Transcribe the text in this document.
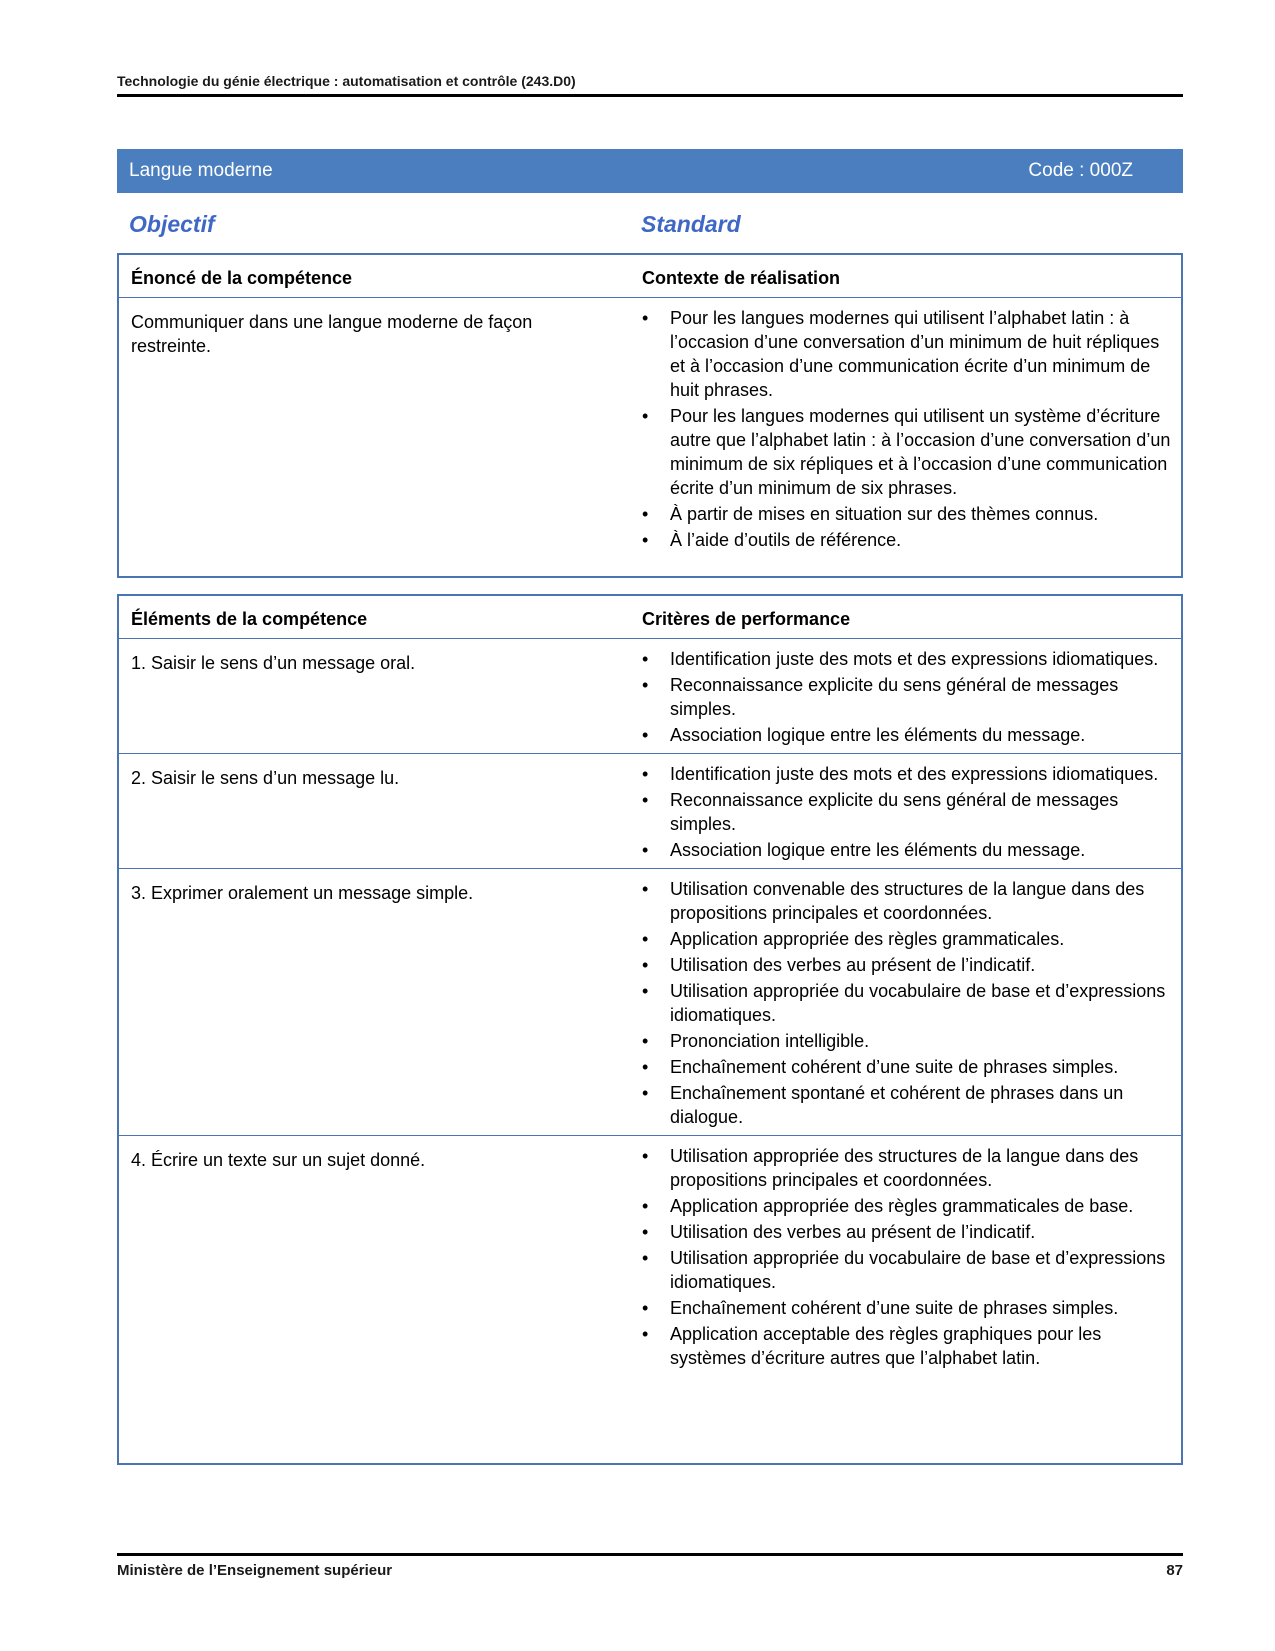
Technologie du génie électrique : automatisation et contrôle (243.D0)
Langue moderne	Code : 000Z
Objectif	Standard
Énoncé de la compétence	Contexte de réalisation
Communiquer dans une langue moderne de façon restreinte.
• Pour les langues modernes qui utilisent l’alphabet latin : à l’occasion d’une conversation d’un minimum de huit répliques et à l’occasion d’une communication écrite d’un minimum de huit phrases.
• Pour les langues modernes qui utilisent un système d’écriture autre que l’alphabet latin : à l’occasion d’une conversation d’un minimum de six répliques et à l’occasion d’une communication écrite d’un minimum de six phrases.
• À partir de mises en situation sur des thèmes connus.
• À l’aide d’outils de référence.
Éléments de la compétence	Critères de performance
1. Saisir le sens d’un message oral.	• Identification juste des mots et des expressions idiomatiques.
• Reconnaissance explicite du sens général de messages simples.
• Association logique entre les éléments du message.
2. Saisir le sens d’un message lu.	• Identification juste des mots et des expressions idiomatiques.
• Reconnaissance explicite du sens général de messages simples.
• Association logique entre les éléments du message.
3. Exprimer oralement un message simple.	• Utilisation convenable des structures de la langue dans des propositions principales et coordonnées.
• Application appropriée des règles grammaticales.
• Utilisation des verbes au présent de l’indicatif.
• Utilisation appropriée du vocabulaire de base et d’expressions idiomatiques.
• Prononciation intelligible.
• Enchaînement cohérent d’une suite de phrases simples.
• Enchaînement spontané et cohérent de phrases dans un dialogue.
4. Écrire un texte sur un sujet donné.	• Utilisation appropriée des structures de la langue dans des propositions principales et coordonnées.
• Application appropriée des règles grammaticales de base.
• Utilisation des verbes au présent de l’indicatif.
• Utilisation appropriée du vocabulaire de base et d’expressions idiomatiques.
• Enchaînement cohérent d’une suite de phrases simples.
• Application acceptable des règles graphiques pour les systèmes d’écriture autres que l’alphabet latin.
Ministère de l’Enseignement supérieur	87
